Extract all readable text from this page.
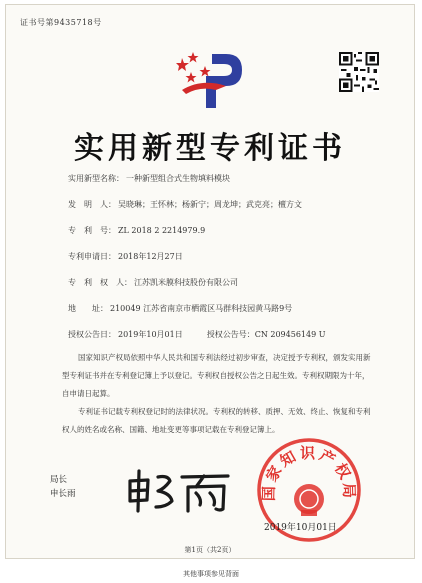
证书号第9435718号
实用新型专利证书
实用新型名称： 一种新型组合式生物填料模块
发　明　人： 吴晓琳；王怀林；杨新宁；周龙坤；武克亮；檀方文
专　利　号： ZL 2018 2 2214979.9
专利申请日： 2018年12月27日
专　利　权　人： 江苏凯米膜科技股份有限公司
地　　址： 210049 江苏省南京市栖霞区马群科技园黄马路9号
授权公告日： 2019年10月01日　　　授权公告号：CN 209456149 U

国家知识产权局依照中华人民共和国专利法经过初步审查，决定授予专利权，颁发实用新型专利证书并在专利登记簿上予以登记。专利权自授权公告之日起生效。专利权期限为十年，自申请日起算。

专利证书记载专利权登记时的法律状况。专利权的转移、质押、无效、终止、恢复和专利权人的姓名或名称、国籍、地址变更等事项记载在专利登记簿上。

局长
申长雨	国家知识产权局
2019年10月01日
第1页（共2页）
其他事项参见背面
